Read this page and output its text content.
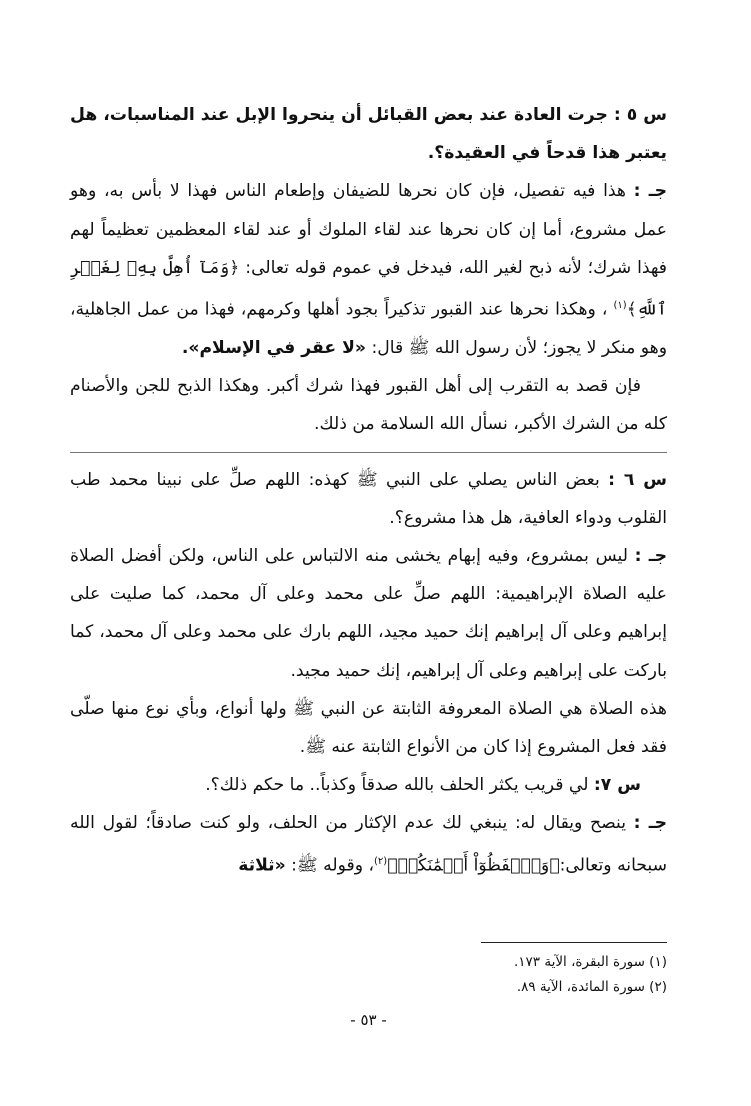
س ٥ : جرت العادة عند بعض القبائل أن ينحروا الإبل عند المناسبات، هل يعتبر هذا قدحاً في العقيدة؟.

جـ : هذا فيه تفصيل، فإن كان نحرها للضيفان وإطعام الناس فهذا لا بأس به، وهو عمل مشروع، أما إن كان نحرها عند لقاء الملوك أو عند لقاء المعظمين تعظيماً لهم فهذا شرك؛ لأنه ذبح لغير الله، فيدخل في عموم قوله تعالى: ﴿وَمَآ أُهِلَّ بِهِۦ لِغَيۡرِ ٱللَّهِ﴾$^{(١)}$ ، وهكذا نحرها عند القبور تذكيراً بجود أهلها وكرمهم، فهذا من عمل الجاهلية، وهو منكر لا يجوز؛ لأن رسول الله ﷺ قال: «لا عقر في الإسلام».

فإن قصد به التقرب إلى أهل القبور فهذا شرك أكبر. وهكذا الذبح للجن والأصنام كله من الشرك الأكبر، نسأل الله السلامة من ذلك.

س ٦ : بعض الناس يصلي على النبي ﷺ كهذه: اللهم صلِّ على نبينا محمد طب القلوب ودواء العافية، هل هذا مشروع؟.

جـ : ليس بمشروع، وفيه إبهام يخشى منه الالتباس على الناس، ولكن أفضل الصلاة عليه الصلاة الإبراهيمية: اللهم صلِّ على محمد وعلى آل محمد، كما صليت على إبراهيم وعلى آل إبراهيم إنك حميد مجيد، اللهم بارك على محمد وعلى آل محمد، كما باركت على إبراهيم وعلى آل إبراهيم، إنك حميد مجيد.

هذه الصلاة هي الصلاة المعروفة الثابتة عن النبي ﷺ ولها أنواع، وبأي نوع منها صلّى فقد فعل المشروع إذا كان من الأنواع الثابتة عنه ﷺ.

س ٧: لي قريب يكثر الحلف بالله صدقاً وكذباً.. ما حكم ذلك؟.

جـ : ينصح ويقال له: ينبغي لك عدم الإكثار من الحلف، ولو كنت صادقاً؛ لقول الله سبحانه وتعالى:﴿وَٱحۡفَظُوٓاْ أَيۡمَٰنَكُمۡ﴾$^{(٢)}$، وقوله ﷺ: «ثلاثة

(١) سورة البقرة، الآية ١٧٣.
(٢) سورة المائدة، الآية ٨٩.
- ٥٣ -
